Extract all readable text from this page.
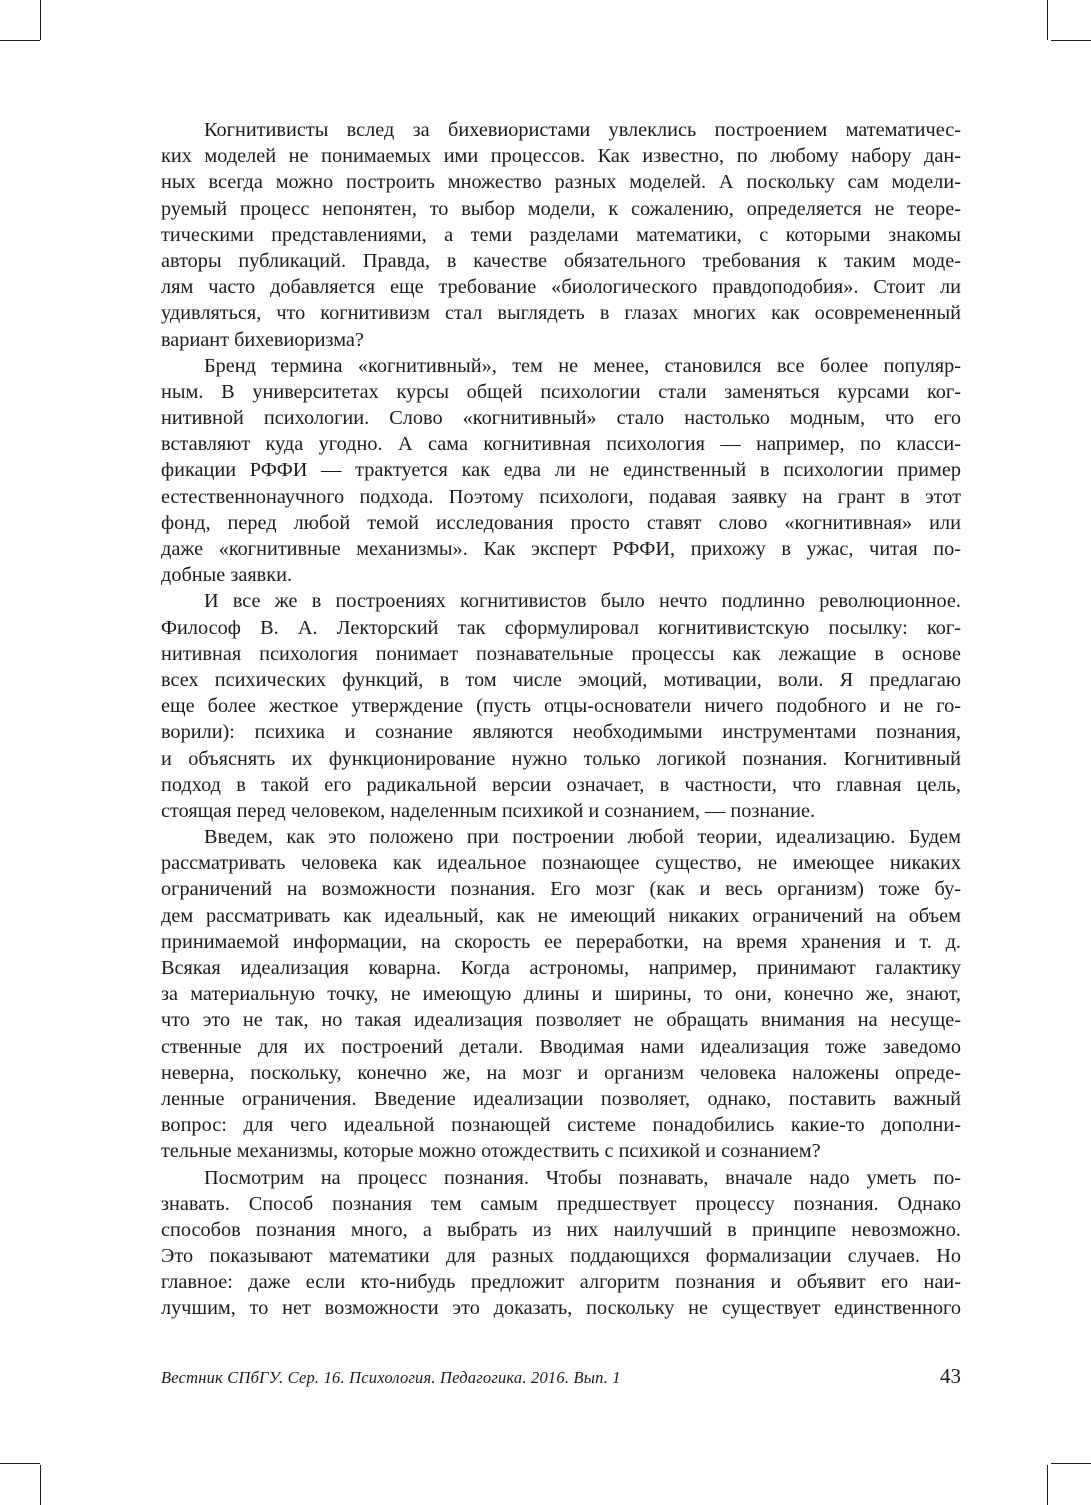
Когнитивисты вслед за бихевиористами увлеклись построением математичес-
ких моделей не понимаемых ими процессов. Как известно, по любому набору дан-
ных всегда можно построить множество разных моделей. А поскольку сам модели-
руемый процесс непонятен, то выбор модели, к сожалению, определяется не теоре-
тическими представлениями, а теми разделами математики, с которыми знакомы
авторы публикаций. Правда, в качестве обязательного требования к таким моде-
лям часто добавляется еще требование «биологического правдоподобия». Стоит ли
удивляться, что когнитивизм стал выглядеть в глазах многих как осовремененный
вариант бихевиоризма?
Бренд термина «когнитивный», тем не менее, становился все более популяр-
ным. В университетах курсы общей психологии стали заменяться курсами ког-
нитивной психологии. Слово «когнитивный» стало настолько модным, что его
вставляют куда угодно. А сама когнитивная психология — например, по класси-
фикации РФФИ — трактуется как едва ли не единственный в психологии пример
естественнонаучного подхода. Поэтому психологи, подавая заявку на грант в этот
фонд, перед любой темой исследования просто ставят слово «когнитивная» или
даже «когнитивные механизмы». Как эксперт РФФИ, прихожу в ужас, читая по-
добные заявки.
И все же в построениях когнитивистов было нечто подлинно революционное.
Философ В. А. Лекторский так сформулировал когнитивистскую посылку: ког-
нитивная психология понимает познавательные процессы как лежащие в основе
всех психических функций, в том числе эмоций, мотивации, воли. Я предлагаю
еще более жесткое утверждение (пусть отцы-основатели ничего подобного и не го-
ворили): психика и сознание являются необходимыми инструментами познания,
и объяснять их функционирование нужно только логикой познания. Когнитивный
подход в такой его радикальной версии означает, в частности, что главная цель,
стоящая перед человеком, наделенным психикой и сознанием, — познание.
Введем, как это положено при построении любой теории, идеализацию. Будем
рассматривать человека как идеальное познающее существо, не имеющее никаких
ограничений на возможности познания. Его мозг (как и весь организм) тоже бу-
дем рассматривать как идеальный, как не имеющий никаких ограничений на объем
принимаемой информации, на скорость ее переработки, на время хранения и т. д.
Всякая идеализация коварна. Когда астрономы, например, принимают галактику
за материальную точку, не имеющую длины и ширины, то они, конечно же, знают,
что это не так, но такая идеализация позволяет не обращать внимания на несуще-
ственные для их построений детали. Вводимая нами идеализация тоже заведомо
неверна, поскольку, конечно же, на мозг и организм человека наложены опреде-
ленные ограничения. Введение идеализации позволяет, однако, поставить важный
вопрос: для чего идеальной познающей системе понадобились какие-то дополни-
тельные механизмы, которые можно отождествить с психикой и сознанием?
Посмотрим на процесс познания. Чтобы познавать, вначале надо уметь по-
знавать. Способ познания тем самым предшествует процессу познания. Однако
способов познания много, а выбрать из них наилучший в принципе невозможно.
Это показывают математики для разных поддающихся формализации случаев. Но
главное: даже если кто-нибудь предложит алгоритм познания и объявит его наи-
лучшим, то нет возможности это доказать, поскольку не существует единственного
Вестник СПбГУ. Сер. 16. Психология. Педагогика. 2016. Вып. 1	43
